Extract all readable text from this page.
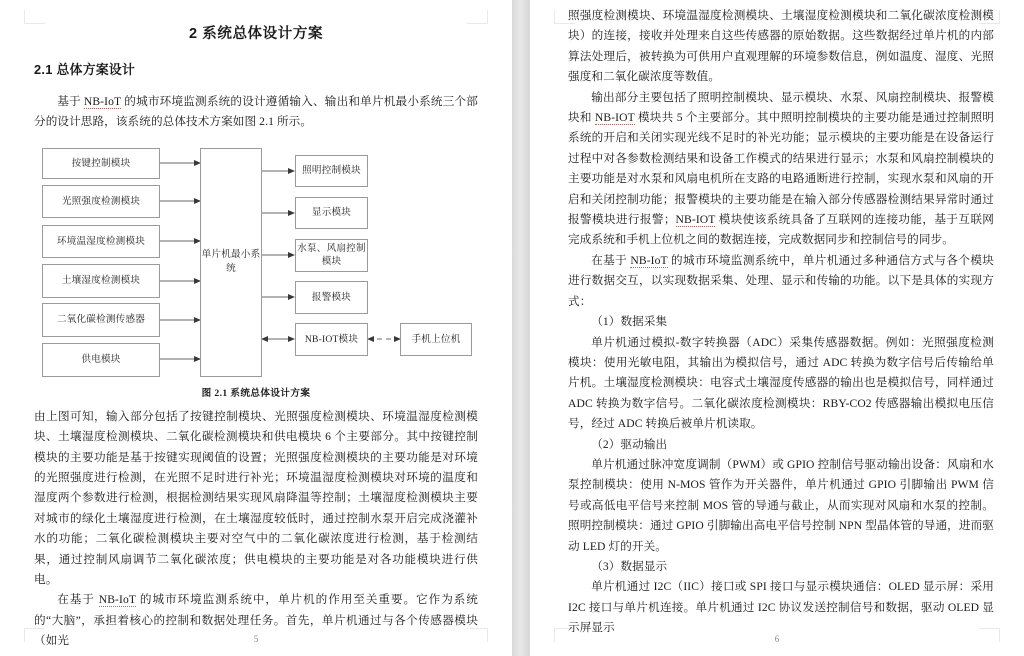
2 系统总体设计方案
2.1 总体方案设计

基于 NB-IoT 的城市环境监测系统的设计遵循输入、输出和单片机最小系统三个部分的设计思路，该系统的总体技术方案如图 2.1 所示。

按键控制模块
光照强度检测模块
环境温湿度检测模块
土壤湿度检测模块
二氧化碳检测传感器
供电模块
单片机最小系统
照明控制模块
显示模块
水泵、风扇控制模块
报警模块
NB-IOT模块	手机上位机
图 2.1 系统总体设计方案

由上图可知，输入部分包括了按键控制模块、光照强度检测模块、环境温湿度检测模块、土壤湿度检测模块、二氧化碳检测模块和供电模块 6 个主要部分。其中按键控制模块的主要功能是基于按键实现阈值的设置；光照强度检测模块的主要功能是对环境的光照强度进行检测，在光照不足时进行补光；环境温湿度检测模块对环境的温度和湿度两个参数进行检测，根据检测结果实现风扇降温等控制；土壤湿度检测模块主要对城市的绿化土壤湿度进行检测，在土壤湿度较低时，通过控制水泵开启完成浇灌补水的功能；二氧化碳检测模块主要对空气中的二氧化碳浓度进行检测，基于检测结果，通过控制风扇调节二氧化碳浓度；供电模块的主要功能是对各功能模块进行供电。

在基于 NB-IoT 的城市环境监测系统中，单片机的作用至关重要。它作为系统的“大脑”，承担着核心的控制和数据处理任务。首先，单片机通过与各个传感器模块（如光	5

照强度检测模块、环境温湿度检测模块、土壤湿度检测模块和二氧化碳浓度检测模块）的连接，接收并处理来自这些传感器的原始数据。这些数据经过单片机的内部算法处理后，被转换为可供用户直观理解的环境参数信息，例如温度、湿度、光照强度和二氧化碳浓度等数值。

输出部分主要包括了照明控制模块、显示模块、水泵、风扇控制模块、报警模块和 NB-IOT 模块共 5 个主要部分。其中照明控制模块的主要功能是通过控制照明系统的开启和关闭实现光线不足时的补光功能；显示模块的主要功能是在设备运行过程中对各参数检测结果和设备工作模式的结果进行显示；水泵和风扇控制模块的主要功能是对水泵和风扇电机所在支路的电路通断进行控制，实现水泵和风扇的开启和关闭控制功能；报警模块的主要功能是在输入部分传感器检测结果异常时通过报警模块进行报警；NB-IOT 模块使该系统具备了互联网的连接功能，基于互联网完成系统和手机上位机之间的数据连接，完成数据同步和控制信号的同步。

在基于 NB-IoT 的城市环境监测系统中，单片机通过多种通信方式与各个模块进行数据交互，以实现数据采集、处理、显示和传输的功能。以下是具体的实现方式：

（1）数据采集

单片机通过模拟-数字转换器（ADC）采集传感器数据。例如：光照强度检测模块：使用光敏电阻，其输出为模拟信号，通过 ADC 转换为数字信号后传输给单片机。土壤湿度检测模块：电容式土壤湿度传感器的输出也是模拟信号，同样通过 ADC 转换为数字信号。二氧化碳浓度检测模块：RBY-CO2 传感器输出模拟电压信号，经过 ADC 转换后被单片机读取。

（2）驱动输出

单片机通过脉冲宽度调制（PWM）或 GPIO 控制信号驱动输出设备：风扇和水泵控制模块：使用 N-MOS 管作为开关器件，单片机通过 GPIO 引脚输出 PWM 信号或高低电平信号来控制 MOS 管的导通与截止，从而实现对风扇和水泵的控制。照明控制模块：通过 GPIO 引脚输出高电平信号控制 NPN 型晶体管的导通，进而驱动 LED 灯的开关。

（3）数据显示

单片机通过 I2C（IIC）接口或 SPI 接口与显示模块通信：OLED 显示屏：采用 I2C 接口与单片机连接。单片机通过 I2C 协议发送控制信号和数据，驱动 OLED 显示屏显示

6
